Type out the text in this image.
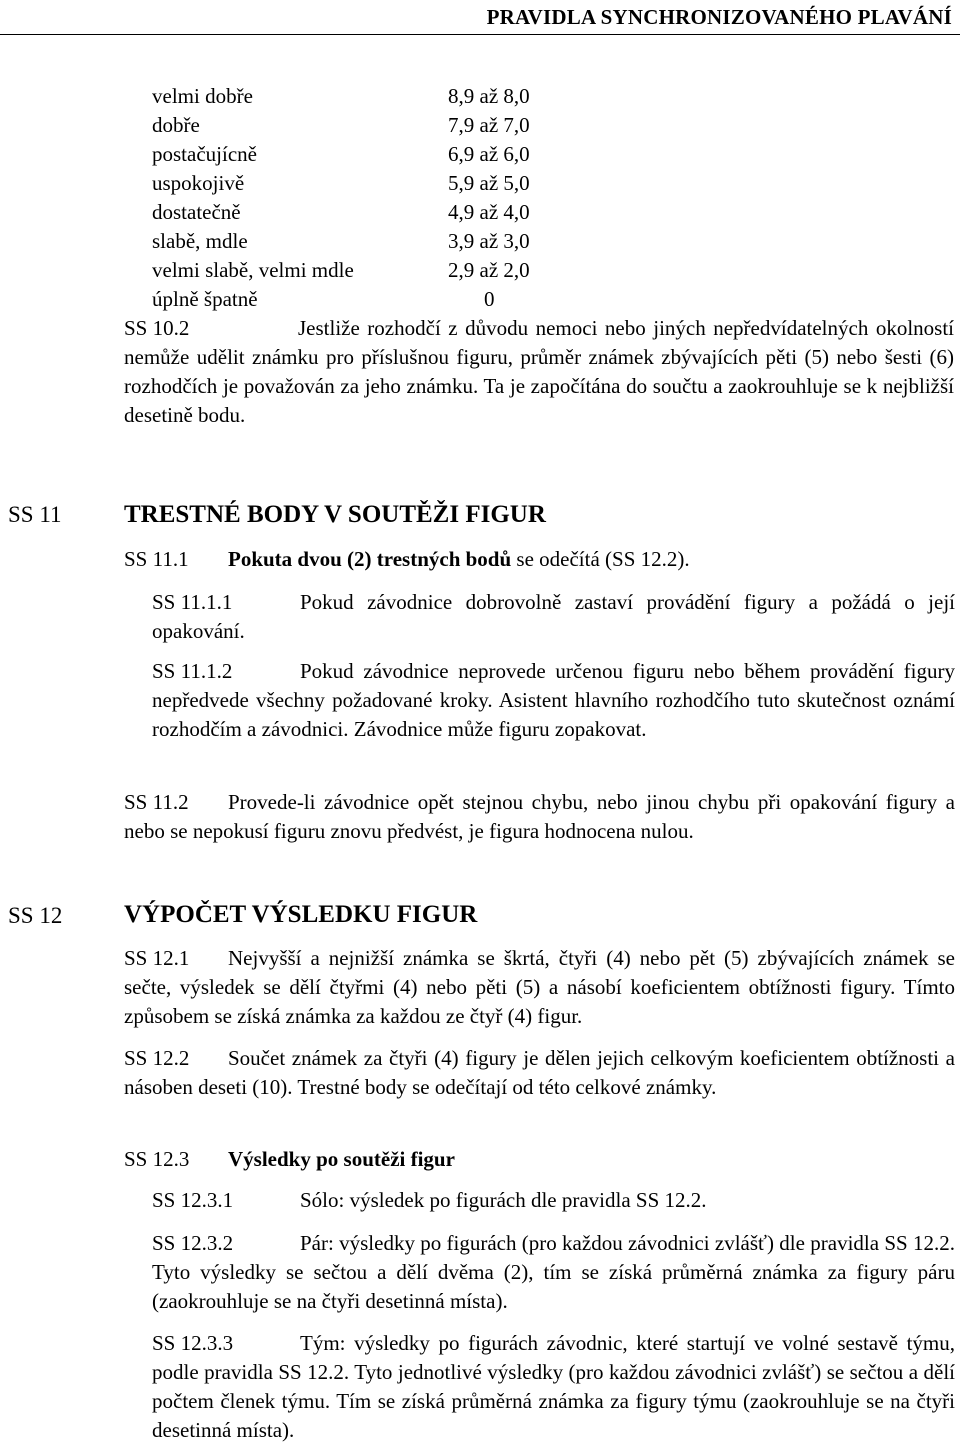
PRAVIDLA SYNCHRONIZOVANÉHO PLAVÁNÍ
velmi dobře	8,9 až 8,0
dobře	7,9 až 7,0
postačujícně	6,9 až 6,0
uspokojivě	5,9 až 5,0
dostatečně	4,9 až 4,0
slabě, mdle	3,9 až 3,0
velmi slabě, velmi mdle	2,9 až 2,0
úplně špatně	0
SS 10.2	Jestliže rozhodčí z důvodu nemoci nebo jiných nepředvídatelných okolností nemůže udělit známku pro příslušnou figuru, průměr známek zbývajících pěti (5) nebo šesti (6) rozhodčích je považován za jeho známku. Ta je započítána do součtu a zaokrouhluje se k nejbližší desetině bodu.
SS 11	TRESTNÉ BODY V SOUTĚŽI FIGUR
SS 11.1 Pokuta dvou (2) trestných bodů se odečítá (SS 12.2).
SS 11.1.1	Pokud závodnice dobrovolně zastaví provádění figury a požádá o její opakování.
SS 11.1.2	Pokud závodnice neprovede určenou figuru nebo během provádění figury nepředvede všechny požadované kroky. Asistent hlavního rozhodčího tuto skutečnost oznámí rozhodčím a závodnici. Závodnice může figuru zopakovat.
SS 11.2 Provede-li závodnice opět stejnou chybu, nebo jinou chybu při opakování figury a nebo se nepokusí figuru znovu předvést, je figura hodnocena nulou.
SS 12 VÝPOČET VÝSLEDKU FIGUR
SS 12.1 Nejvyšší a nejnižší známka se škrtá, čtyři (4) nebo pět (5) zbývajících známek se sečte, výsledek se dělí čtyřmi (4) nebo pěti (5) a násobí koeficientem obtížnosti figury. Tímto způsobem se získá známka za každou ze čtyř (4) figur.
SS 12.2 Součet známek za čtyři (4) figury je dělen jejich celkovým koeficientem obtížnosti a násoben deseti (10). Trestné body se odečítají od této celkové známky.
SS 12.3 Výsledky po soutěži figur
SS 12.3.1	Sólo: výsledek po figurách dle pravidla SS 12.2.
SS 12.3.2	Pár: výsledky po figurách (pro každou závodnici zvlášť) dle pravidla SS 12.2. Tyto výsledky se sečtou a dělí dvěma (2), tím se získá průměrná známka za figury páru (zaokrouhluje se na čtyři desetinná místa).
SS 12.3.3	Tým: výsledky po figurách závodnic, které startují ve volné sestavě týmu, podle pravidla SS 12.2. Tyto jednotlivé výsledky (pro každou závodnici zvlášť) se sečtou a dělí počtem členek týmu. Tím se získá průměrná známka za figury týmu (zaokrouhluje se na čtyři desetinná místa).
